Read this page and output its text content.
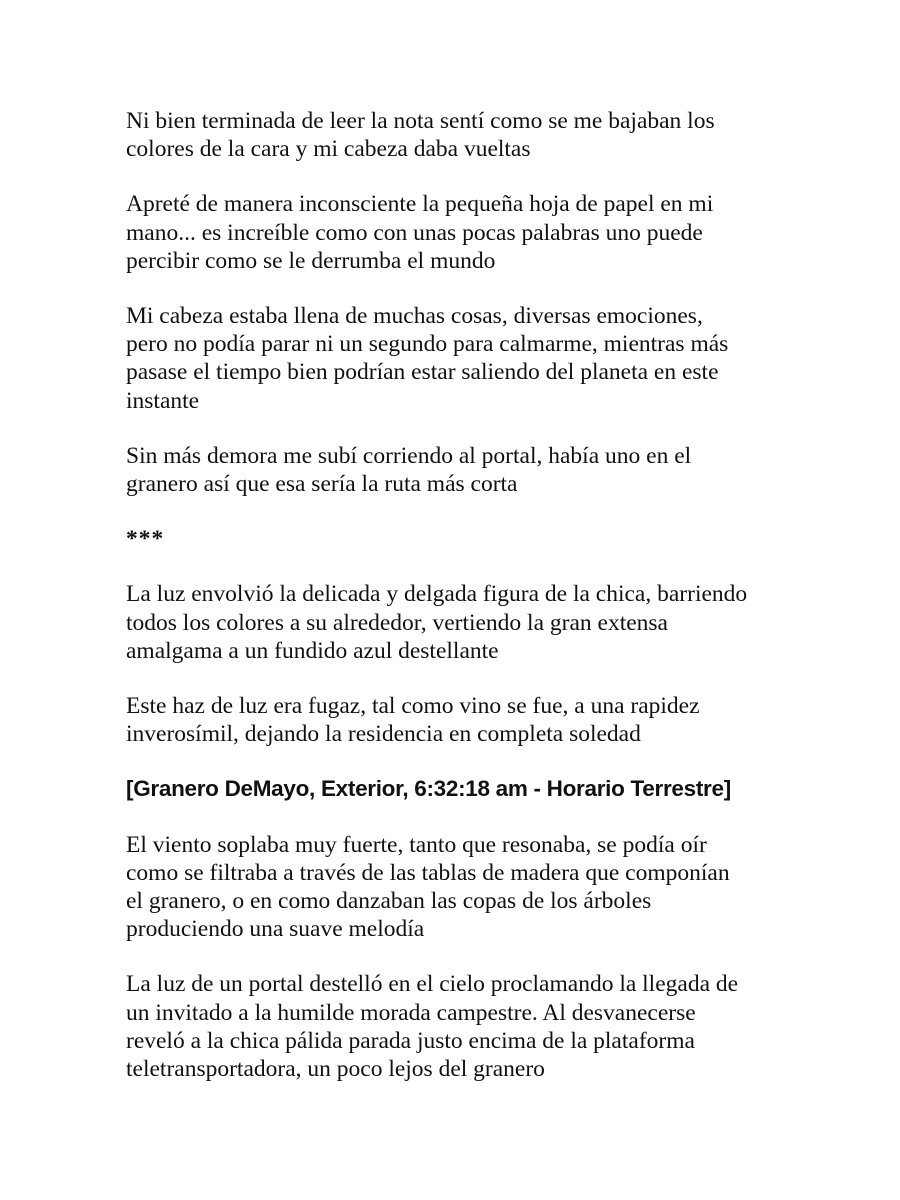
Ni bien terminada de leer la nota sentí como se me bajaban los
colores de la cara y mi cabeza daba vueltas

Apreté de manera inconsciente la pequeña hoja de papel en mi
mano... es increíble como con unas pocas palabras uno puede
percibir como se le derrumba el mundo

Mi cabeza estaba llena de muchas cosas, diversas emociones,
pero no podía parar ni un segundo para calmarme, mientras más
pasase el tiempo bien podrían estar saliendo del planeta en este
instante

Sin más demora me subí corriendo al portal, había uno en el
granero así que esa sería la ruta más corta

***

La luz envolvió la delicada y delgada figura de la chica, barriendo
todos los colores a su alrededor, vertiendo la gran extensa
amalgama a un fundido azul destellante

Este haz de luz era fugaz, tal como vino se fue, a una rapidez
inverosímil, dejando la residencia en completa soledad

[Granero DeMayo, Exterior, 6:32:18 am - Horario Terrestre]

El viento soplaba muy fuerte, tanto que resonaba, se podía oír
como se filtraba a través de las tablas de madera que componían
el granero, o en como danzaban las copas de los árboles
produciendo una suave melodía

La luz de un portal destelló en el cielo proclamando la llegada de
un invitado a la humilde morada campestre. Al desvanecerse
reveló a la chica pálida parada justo encima de la plataforma
teletransportadora, un poco lejos del granero
